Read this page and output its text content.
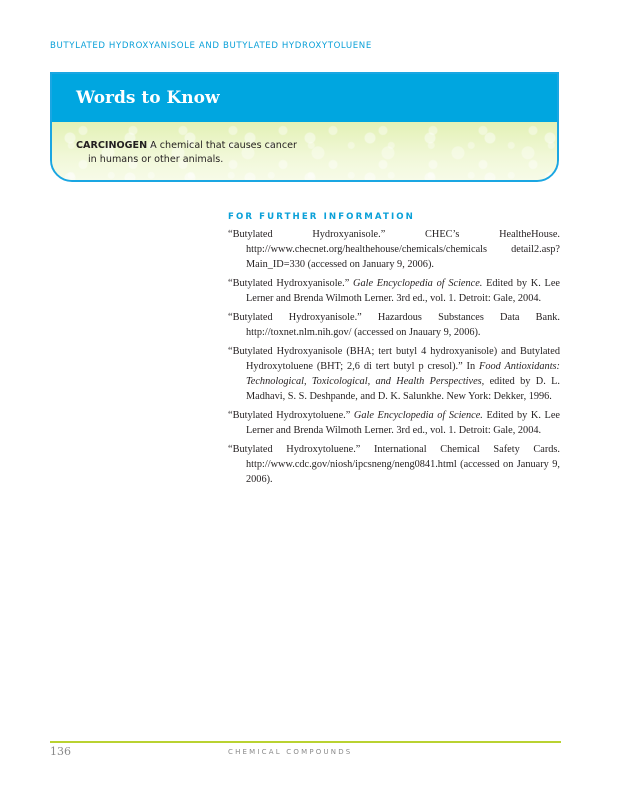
BUTYLATED HYDROXYANISOLE AND BUTYLATED HYDROXYTOLUENE
Words to Know
CARCINOGEN A chemical that causes cancer in humans or other animals.
FOR FURTHER INFORMATION
“Butylated Hydroxyanisole.” CHEC’s HealtheHouse. http://www.checnet.org/healthehouse/chemicals/chemicals detail2.asp?Main_ID=330 (accessed on January 9, 2006).
“Butylated Hydroxyanisole.” Gale Encyclopedia of Science. Edited by K. Lee Lerner and Brenda Wilmoth Lerner. 3rd ed., vol. 1. Detroit: Gale, 2004.
“Butylated Hydroxyanisole.” Hazardous Substances Data Bank. http://toxnet.nlm.nih.gov/ (accessed on Jnauary 9, 2006).
“Butylated Hydroxyanisole (BHA; tert butyl 4 hydroxyanisole) and Butylated Hydroxytoluene (BHT; 2,6 di tert butyl p cresol).” In Food Antioxidants: Technological, Toxicological, and Health Perspectives, edited by D. L. Madhavi, S. S. Deshpande, and D. K. Salunkhe. New York: Dekker, 1996.
“Butylated Hydroxytoluene.” Gale Encyclopedia of Science. Edited by K. Lee Lerner and Brenda Wilmoth Lerner. 3rd ed., vol. 1. Detroit: Gale, 2004.
“Butylated Hydroxytoluene.” International Chemical Safety Cards. http://www.cdc.gov/niosh/ipcsneng/neng0841.html (accessed on January 9, 2006).
136	CHEMICAL COMPOUNDS
